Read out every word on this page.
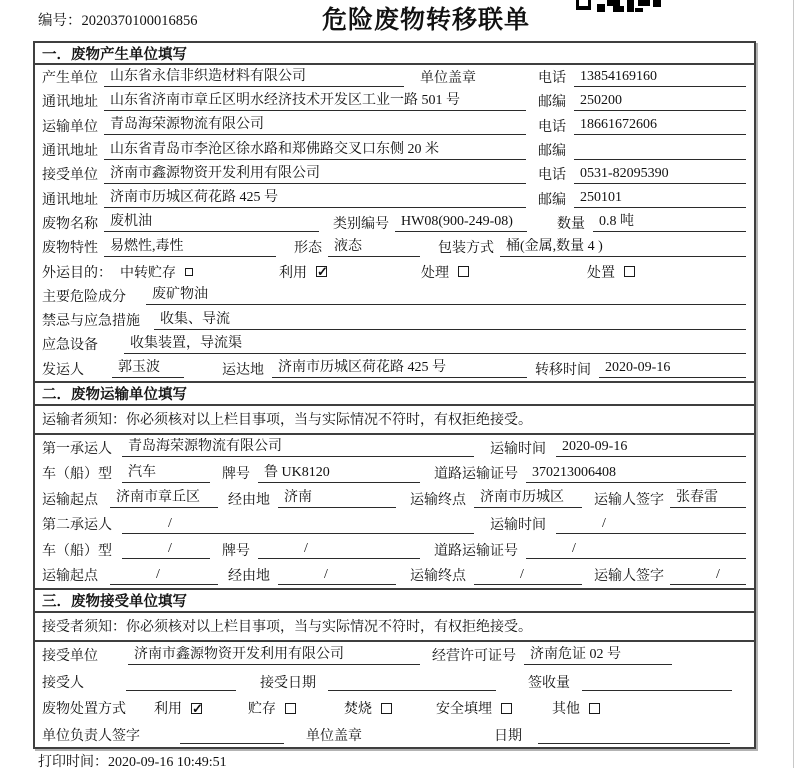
编号：2020370100016856	危险废物转移联单
一．废物产生单位填写
产生单位 山东省永信非织造材料有限公司	单位盖章	电话	13854169160
通讯地址 山东省济南市章丘区明水经济技术开发区工业一路 501 号	邮编	250200
运输单位 青岛海荣源物流有限公司	电话	18661672606
通讯地址 山东省青岛市李沧区徐水路和郑佛路交叉口东侧 20 米	邮编
接受单位 济南市鑫源物资开发利用有限公司	电话	0531-82095390
通讯地址 济南市历城区荷花路 425 号	邮编	250101
废物名称 废机油	类别编号 HW08(900-249-08)	数量	0.8 吨
废物特性 易燃性,毒性	形态 液态	包装方式 桶(金属,数量 4 )
外运目的： 中转贮存	利用 ✓	处理	处置
主要危险成分	废矿物油
禁忌与应急措施	收集、导流
应急设备	收集装置，导流渠
发运人	郭玉波	运达地	济南市历城区荷花路 425 号	转移时间	2020-09-16
二．废物运输单位填写
运输者须知：你必须核对以上栏目事项，当与实际情况不符时，有权拒绝接受。
第一承运人	青岛海荣源物流有限公司	运输时间	2020-09-16
车（船）型	汽车	牌号	鲁 UK8120	道路运输证号	370213006408
运输起点	济南市章丘区	经由地	济南	运输终点	济南市历城区	运输人签字 张春雷
第二承运人	/	运输时间	/
车（船）型	/	牌号	/	道路运输证号	/
运输起点	/	经由地	/	运输终点	/	运输人签字	/
三．废物接受单位填写
接受者须知：你必须核对以上栏目事项，当与实际情况不符时，有权拒绝接受。
接受单位	济南市鑫源物资开发利用有限公司	经营许可证号	济南危证 02 号
接受人	接受日期	签收量
废物处置方式 利用 ✓	贮存	焚烧	安全填埋	其他
单位负责人签字	单位盖章	日期
打印时间：2020-09-16 10:49:51
